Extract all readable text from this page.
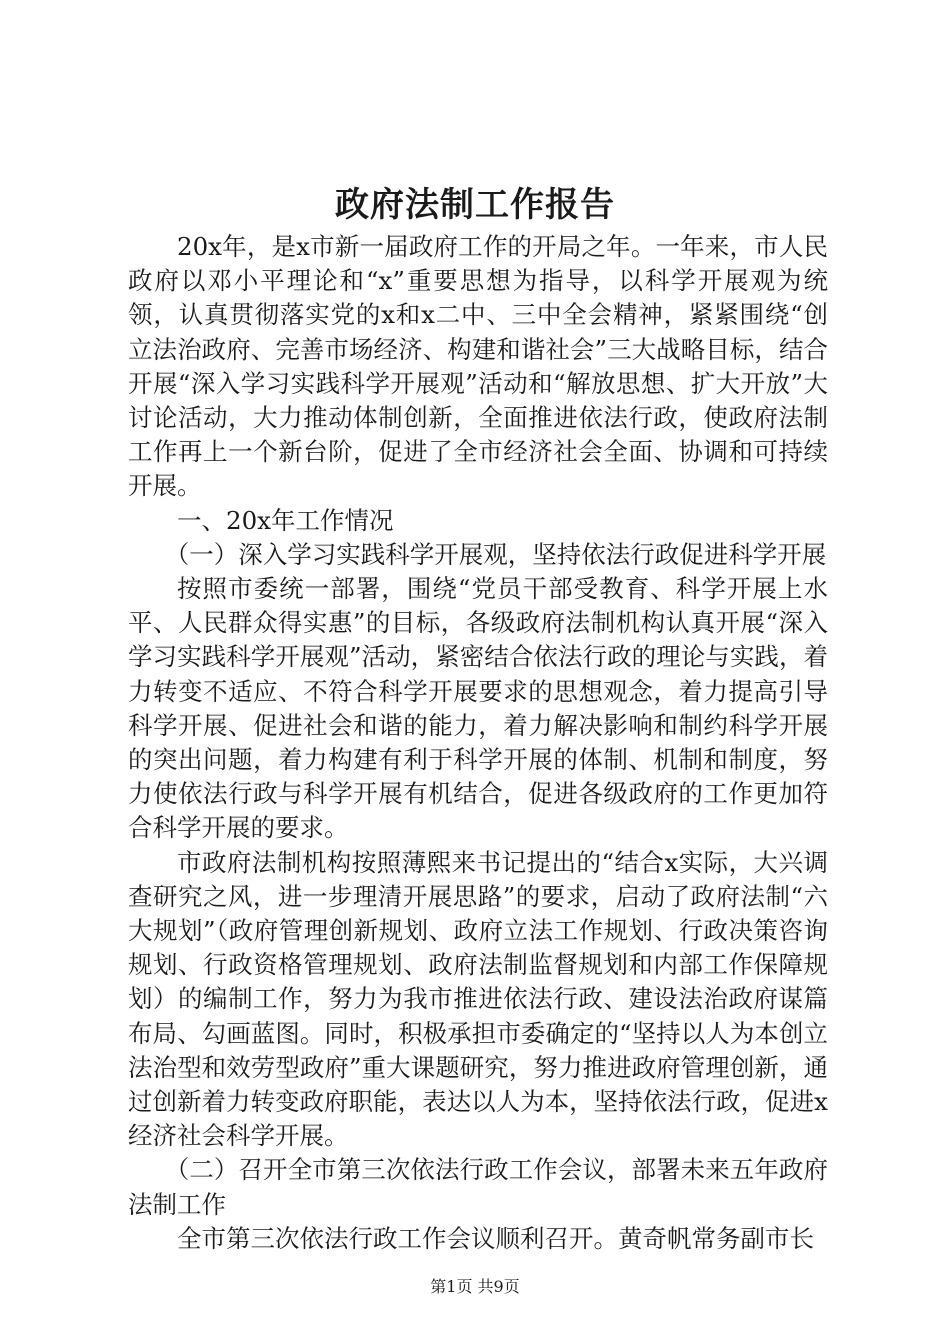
政府法制工作报告

20x年，是x市新一届政府工作的开局之年。一年来，市人民政府以邓小平理论和“x”重要思想为指导，以科学开展观为统领，认真贯彻落实党的x和x二中、三中全会精神，紧紧围绕“创立法治政府、完善市场经济、构建和谐社会”三大战略目标，结合开展“深入学习实践科学开展观”活动和“解放思想、扩大开放”大讨论活动，大力推动体制创新，全面推进依法行政，使政府法制工作再上一个新台阶，促进了全市经济社会全面、协调和可持续开展。

一、20x年工作情况

（一）深入学习实践科学开展观，坚持依法行政促进科学开展

按照市委统一部署，围绕“党员干部受教育、科学开展上水平、人民群众得实惠”的目标，各级政府法制机构认真开展“深入学习实践科学开展观”活动，紧密结合依法行政的理论与实践，着力转变不适应、不符合科学开展要求的思想观念，着力提高引导科学开展、促进社会和谐的能力，着力解决影响和制约科学开展的突出问题，着力构建有利于科学开展的体制、机制和制度，努力使依法行政与科学开展有机结合，促进各级政府的工作更加符合科学开展的要求。

市政府法制机构按照薄熙来书记提出的“结合x实际，大兴调查研究之风，进一步理清开展思路”的要求，启动了政府法制“六大规划”（政府管理创新规划、政府立法工作规划、行政决策咨询规划、行政资格管理规划、政府法制监督规划和内部工作保障规划）的编制工作，努力为我市推进依法行政、建设法治政府谋篇布局、勾画蓝图。同时，积极承担市委确定的“坚持以人为本创立法治型和效劳型政府”重大课题研究，努力推进政府管理创新，通过创新着力转变政府职能，表达以人为本，坚持依法行政，促进x经济社会科学开展。

（二）召开全市第三次依法行政工作会议，部署未来五年政府法制工作

全市第三次依法行政工作会议顺利召开。黄奇帆常务副市长

第1页 共9页
